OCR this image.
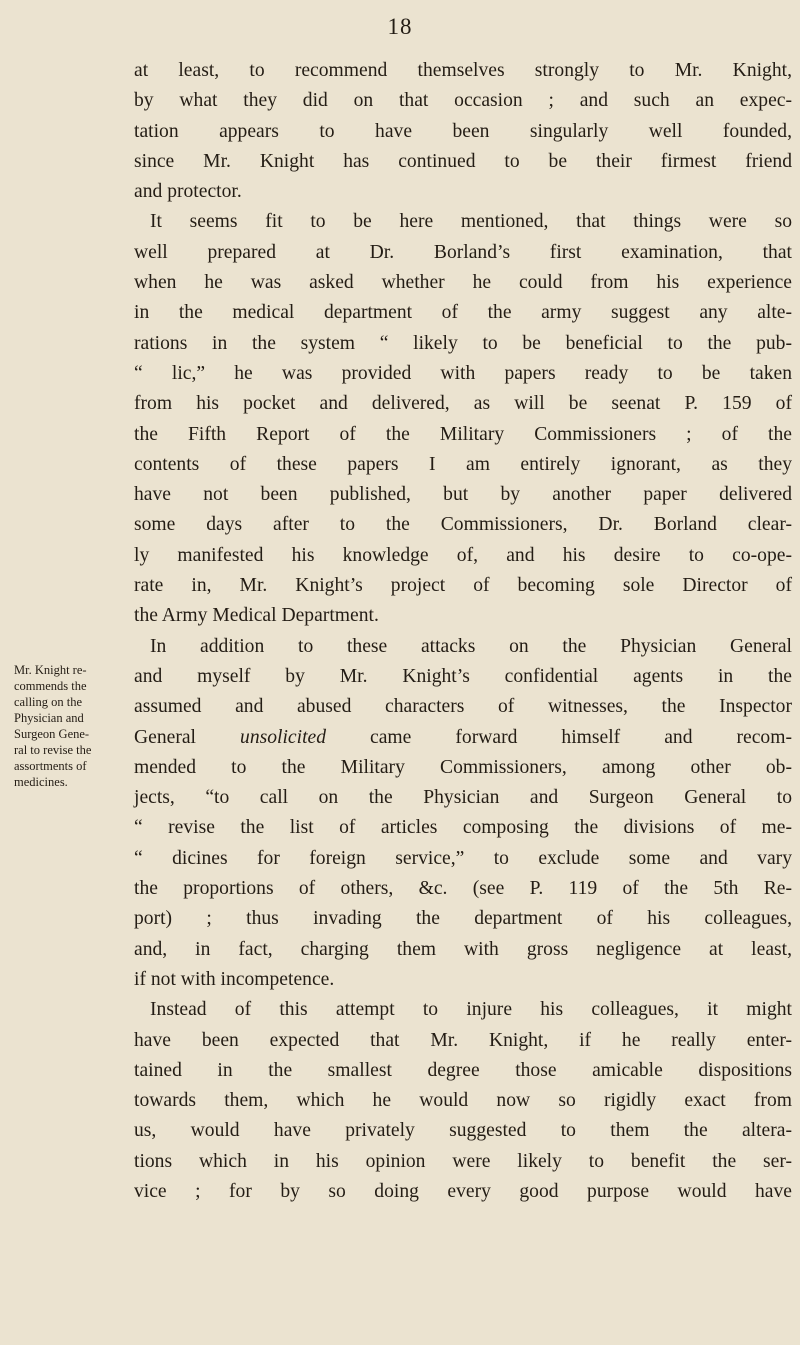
18
Mr. Knight re-
commends the
calling on the
Physician and
Surgeon Gene-
ral to revise the
assortments of
medicines.
at least, to recommend themselves strongly to Mr. Knight,
by what they did on that occasion ; and such an expec-
tation appears to have been singularly well founded,
since Mr. Knight has continued to be their firmest friend
and protector.
It seems fit to be here mentioned, that things were so
well prepared at Dr. Borland’s first examination, that
when he was asked whether he could from his experience
in the medical department of the army suggest any alte-
rations in the system “ likely to be beneficial to the pub-
“ lic,” he was provided with papers ready to be taken
from his pocket and delivered, as will be seenat P. 159 of
the Fifth Report of the Military Commissioners ; of the
contents of these papers I am entirely ignorant, as they
have not been published, but by another paper delivered
some days after to the Commissioners, Dr. Borland clear-
ly manifested his knowledge of, and his desire to co-ope-
rate in, Mr. Knight’s project of becoming sole Director of
the Army Medical Department.
In addition to these attacks on the Physician General
and myself by Mr. Knight’s confidential agents in the
assumed and abused characters of witnesses, the Inspector
General unsolicited came forward himself and recom-
mended to the Military Commissioners, among other ob-
jects, “to call on the Physician and Surgeon General to
“ revise the list of articles composing the divisions of me-
“ dicines for foreign service,” to exclude some and vary
the proportions of others, &c. (see P. 119 of the 5th Re-
port) ; thus invading the department of his colleagues,
and, in fact, charging them with gross negligence at least,
if not with incompetence.
Instead of this attempt to injure his colleagues, it might
have been expected that Mr. Knight, if he really enter-
tained in the smallest degree those amicable dispositions
towards them, which he would now so rigidly exact from
us, would have privately suggested to them the altera-
tions which in his opinion were likely to benefit the ser-
vice ; for by so doing every good purpose would have
